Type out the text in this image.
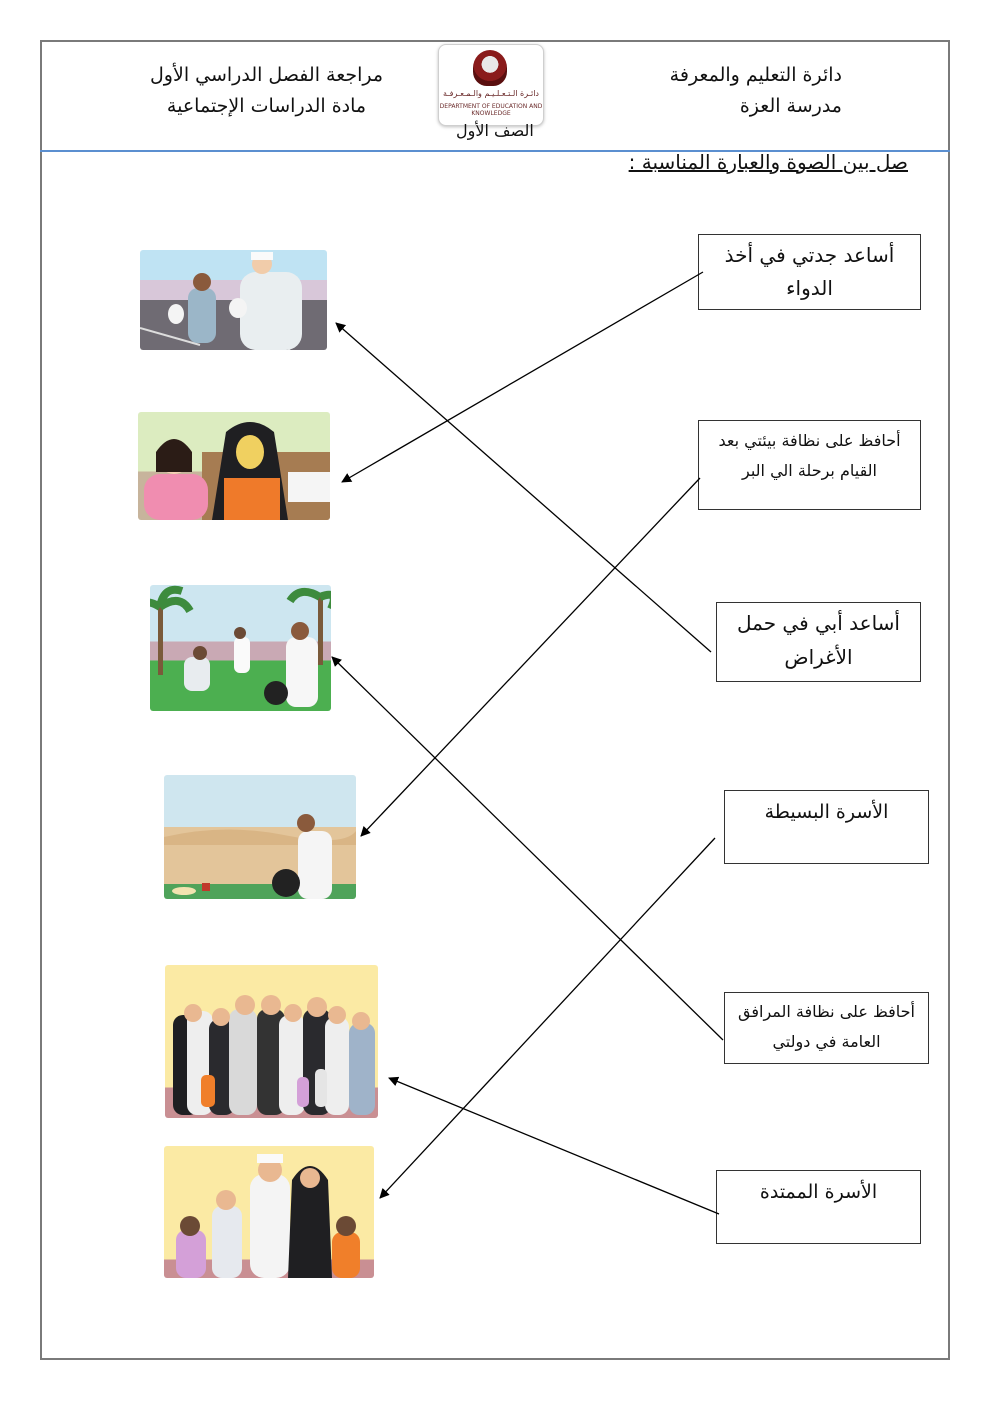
دائرة التعليم والمعرفة
مدرسة العزة
مراجعة الفصل الدراسي الأول
مادة الدراسات الإجتماعية
دائـرة الـتـعـلـيـم والـمـعـرفـة
DEPARTMENT OF EDUCATION AND KNOWLEDGE
الصف الأول
صل بين الصوة والعبارة المناسبة :
أساعد جدتي في أخذ الدواء
أحافظ على نظافة بيئتي بعد القيام برحلة الي البر
أساعد أبي في حمل الأغراض
الأسرة البسيطة
أحافظ على نظافة المرافق العامة في دولتي
الأسرة الممتدة
